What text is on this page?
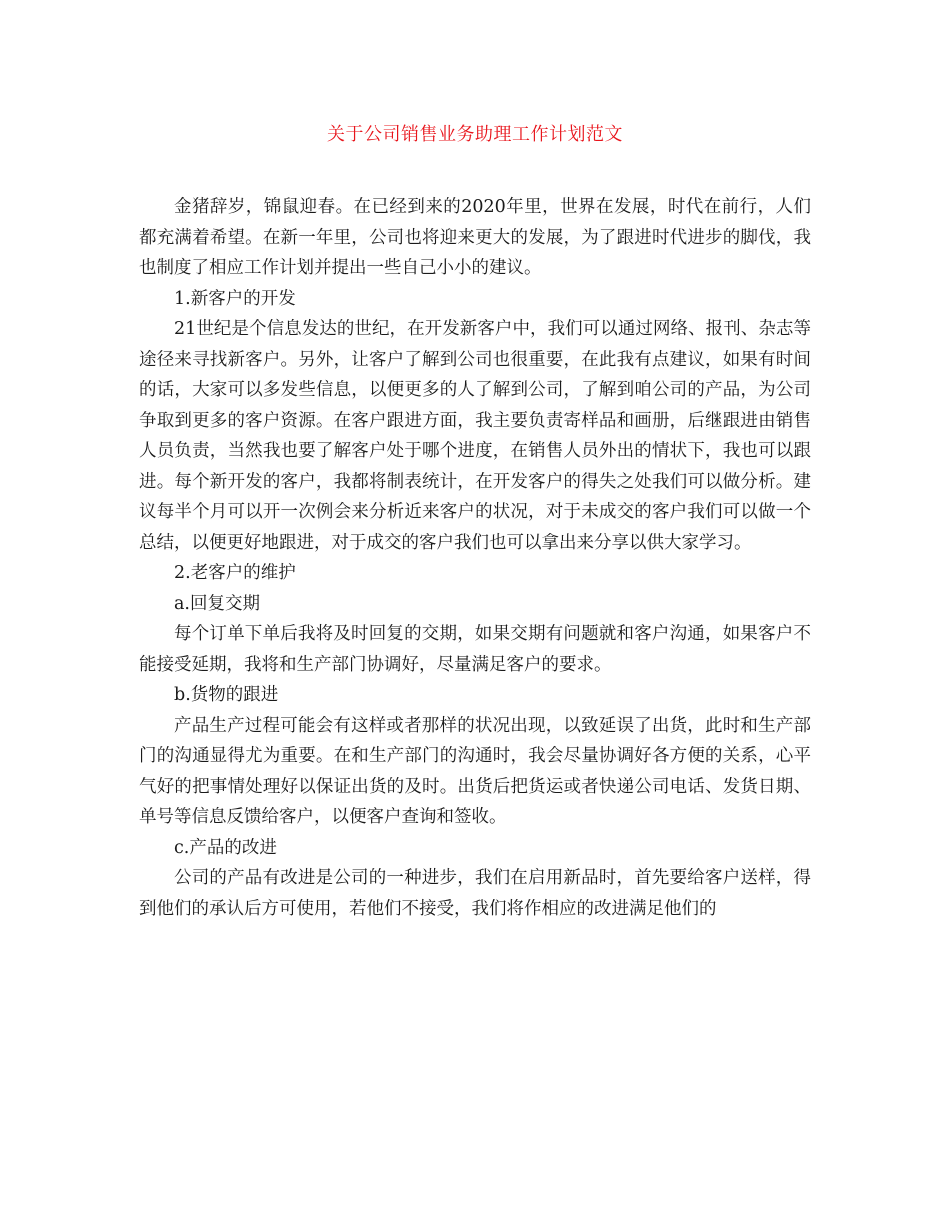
关于公司销售业务助理工作计划范文

金猪辞岁，锦鼠迎春。在已经到来的2020年里，世界在发展，时代在前行，人们都充满着希望。在新一年里，公司也将迎来更大的发展，为了跟进时代进步的脚伐，我也制度了相应工作计划并提出一些自己小小的建议。

1.新客户的开发

21世纪是个信息发达的世纪，在开发新客户中，我们可以通过网络、报刊、杂志等途径来寻找新客户。另外，让客户了解到公司也很重要，在此我有点建议，如果有时间的话，大家可以多发些信息，以便更多的人了解到公司，了解到咱公司的产品，为公司争取到更多的客户资源。在客户跟进方面，我主要负责寄样品和画册，后继跟进由销售人员负责，当然我也要了解客户处于哪个进度，在销售人员外出的情状下，我也可以跟进。每个新开发的客户，我都将制表统计，在开发客户的得失之处我们可以做分析。建议每半个月可以开一次例会来分析近来客户的状况，对于未成交的客户我们可以做一个总结，以便更好地跟进，对于成交的客户我们也可以拿出来分享以供大家学习。

2.老客户的维护

a.回复交期

每个订单下单后我将及时回复的交期，如果交期有问题就和客户沟通，如果客户不能接受延期，我将和生产部门协调好，尽量满足客户的要求。

b.货物的跟进

产品生产过程可能会有这样或者那样的状况出现，以致延误了出货，此时和生产部门的沟通显得尤为重要。在和生产部门的沟通时，我会尽量协调好各方便的关系，心平气好的把事情处理好以保证出货的及时。出货后把货运或者快递公司电话、发货日期、单号等信息反馈给客户，以便客户查询和签收。

c.产品的改进

公司的产品有改进是公司的一种进步，我们在启用新品时，首先要给客户送样，得到他们的承认后方可使用，若他们不接受，我们将作相应的改进满足他们的
